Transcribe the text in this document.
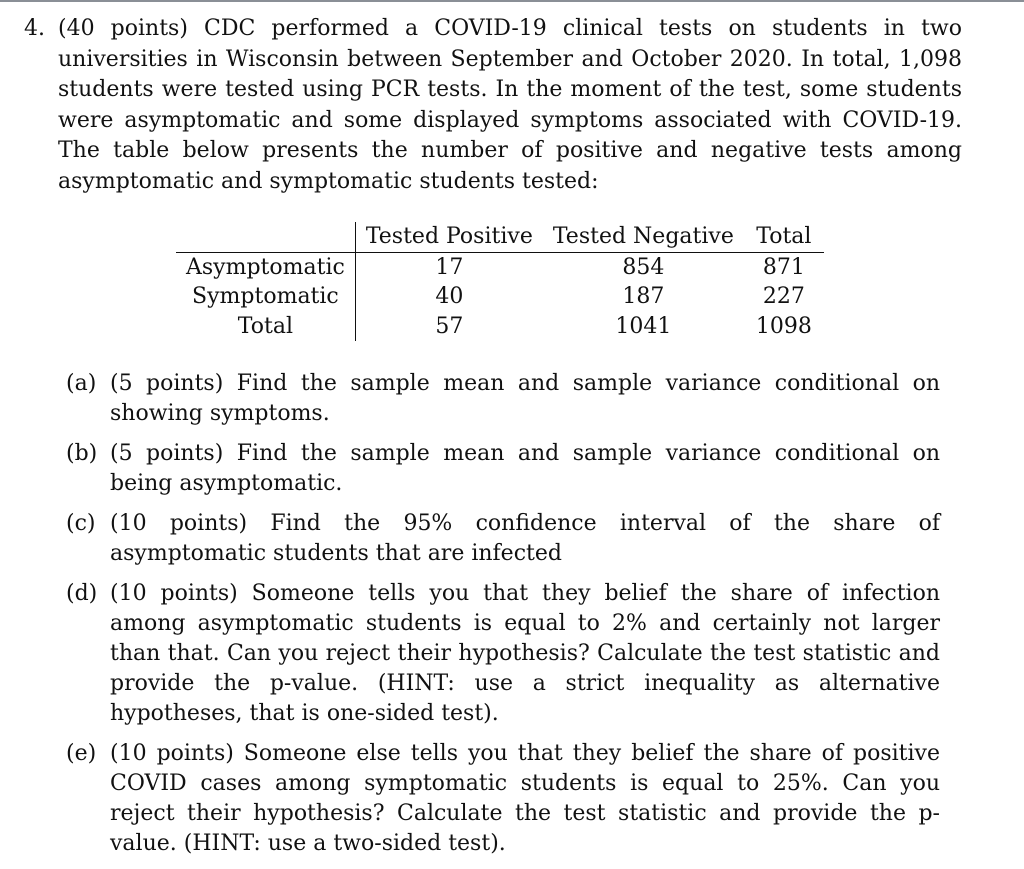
4. (40 points) CDC performed a COVID-19 clinical tests on students in two universities in Wisconsin between September and October 2020. In total, 1,098 students were tested using PCR tests. In the moment of the test, some students were asymptomatic and some displayed symptoms associated with COVID-19. The table below presents the number of positive and negative tests among asymptomatic and symptomatic students tested:
	Tested Positive	Tested Negative	Total
Asymptomatic	17	854	871
Symptomatic	40	187	227
Total	57	1041	1098
(a) (5 points) Find the sample mean and sample variance conditional on showing symptoms.
(b) (5 points) Find the sample mean and sample variance conditional on being asymptomatic.
(c) (10 points) Find the 95% confidence interval of the share of asymptomatic students that are infected
(d) (10 points) Someone tells you that they belief the share of infection among asymptomatic students is equal to 2% and certainly not larger than that. Can you reject their hypothesis? Calculate the test statistic and provide the p-value. (HINT: use a strict inequality as alternative hypotheses, that is one-sided test).
(e) (10 points) Someone else tells you that they belief the share of positive COVID cases among symptomatic students is equal to 25%. Can you reject their hypothesis? Calculate the test statistic and provide the p-value. (HINT: use a two-sided test).
